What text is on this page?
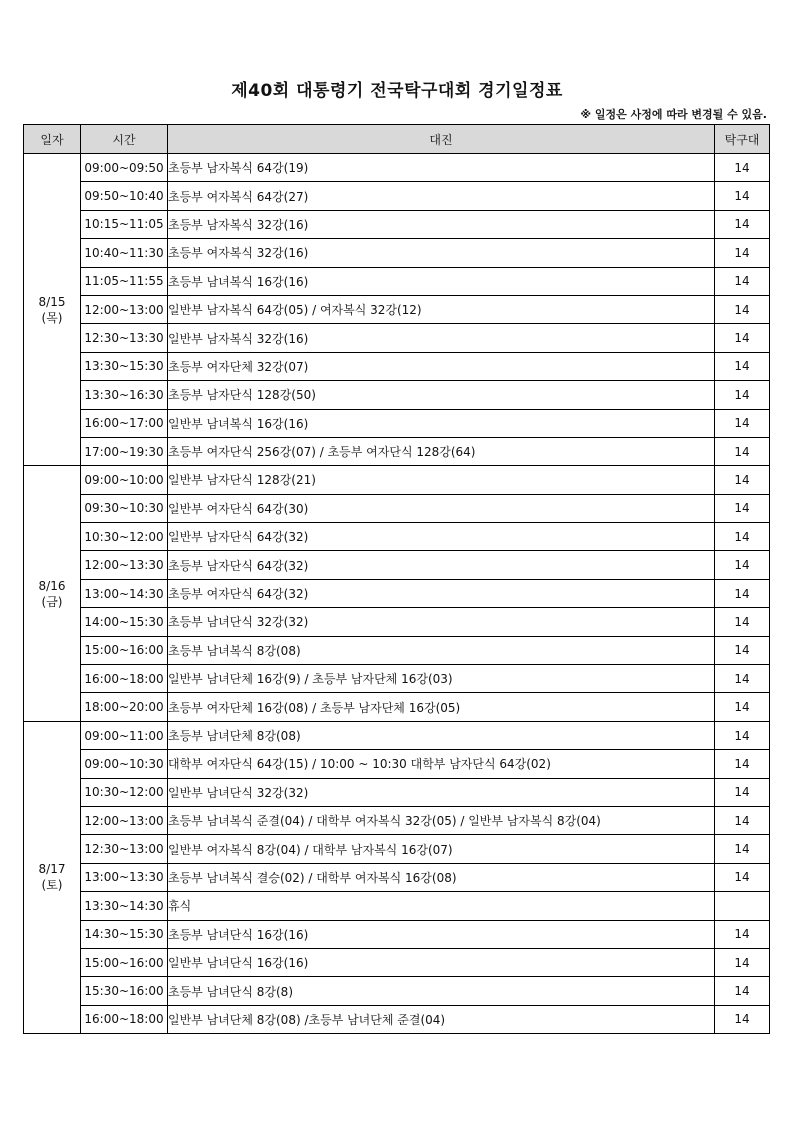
제40회 대통령기 전국탁구대회 경기일정표
※ 일정은 사정에 따라 변경될 수 있음.
일자	시간	대진	탁구대

8/15
(목)	09:00~09:50	초등부 남자복식 64강(19)	14
	09:50~10:40	초등부 여자복식 64강(27)	14
	10:15~11:05	초등부 남자복식 32강(16)	14
	10:40~11:30	초등부 여자복식 32강(16)	14
	11:05~11:55	초등부 남녀복식 16강(16)	14
	12:00~13:00	일반부 남자복식 64강(05) / 여자복식 32강(12)	14
	12:30~13:30	일반부 남자복식 32강(16)	14
	13:30~15:30	초등부 여자단체 32강(07)	14
	13:30~16:30	초등부 남자단식 128강(50)	14
	16:00~17:00	일반부 남녀복식 16강(16)	14
	17:00~19:30	초등부 여자단식 256강(07) / 초등부 여자단식 128강(64)	14

8/16
(금)	09:00~10:00	일반부 남자단식 128강(21)	14
	09:30~10:30	일반부 여자단식 64강(30)	14
	10:30~12:00	일반부 남자단식 64강(32)	14
	12:00~13:30	초등부 남자단식 64강(32)	14
	13:00~14:30	초등부 여자단식 64강(32)	14
	14:00~15:30	초등부 남녀단식 32강(32)	14
	15:00~16:00	초등부 남녀복식 8강(08)	14
	16:00~18:00	일반부 남녀단체 16강(9) / 초등부 남자단체 16강(03)	14
	18:00~20:00	초등부 여자단체 16강(08) / 초등부 남자단체 16강(05)	14

8/17
(토)	09:00~11:00	초등부 남녀단체 8강(08)	14
	09:00~10:30	대학부 여자단식 64강(15) / 10:00 ~ 10:30 대학부 남자단식 64강(02)	14
	10:30~12:00	일반부 남녀단식 32강(32)	14
	12:00~13:00	초등부 남녀복식 준결(04) / 대학부 여자복식 32강(05) / 일반부 남자복식 8강(04)	14
	12:30~13:00	일반부 여자복식 8강(04) / 대학부 남자복식 16강(07)	14
	13:00~13:30	초등부 남녀복식 결승(02) / 대학부 여자복식 16강(08)	14
	13:30~14:30	휴식	
	14:30~15:30	초등부 남녀단식 16강(16)	14
	15:00~16:00	일반부 남녀단식 16강(16)	14
	15:30~16:00	초등부 남녀단식 8강(8)	14
	16:00~18:00	일반부 남녀단체 8강(08) /초등부 남녀단체 준결(04)	14
